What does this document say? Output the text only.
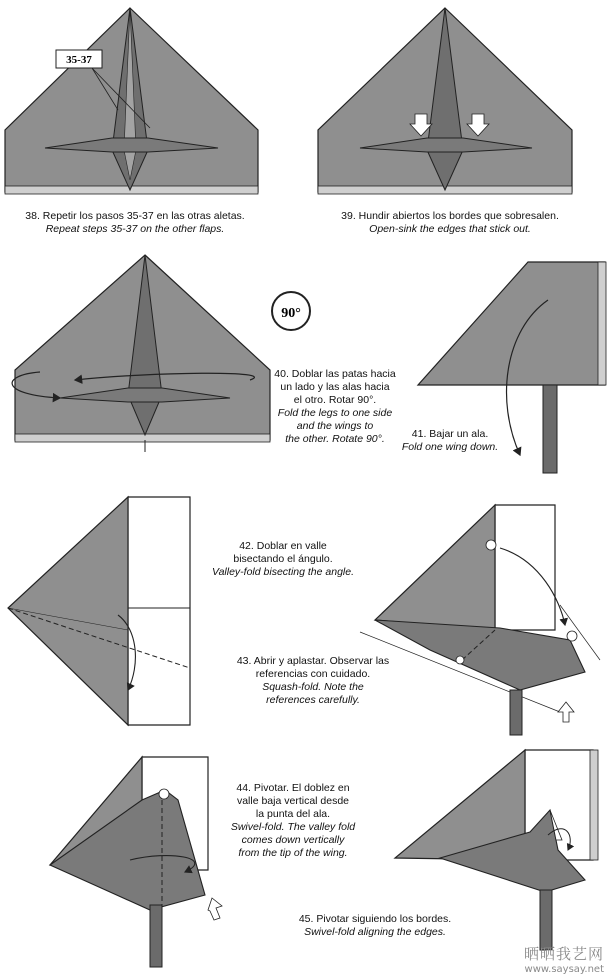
35-37
90°
38. Repetir los pasos 35-37 en las otras aletas.
Repeat steps 35-37 on the other flaps.
39. Hundir abiertos los bordes que sobresalen.
Open-sink the edges that stick out.
40. Doblar las patas hacia
un lado y las alas hacia
el otro. Rotar 90°.
Fold the legs to one side
and the wings to
the other. Rotate 90°.	41. Bajar un ala.
Fold one wing down.
42. Doblar en valle
bisectando el ángulo.
Valley-fold bisecting the angle.
43. Abrir y aplastar. Observar las
referencias con cuidado.
Squash-fold. Note the
references carefully.
44. Pivotar. El doblez en
valle baja vertical desde
la punta del ala.
Swivel-fold. The valley fold
comes down vertically
from the tip of the wing.
45. Pivotar siguiendo los bordes.
Swivel-fold aligning the edges.
晒晒我艺网
www.saysay.net
